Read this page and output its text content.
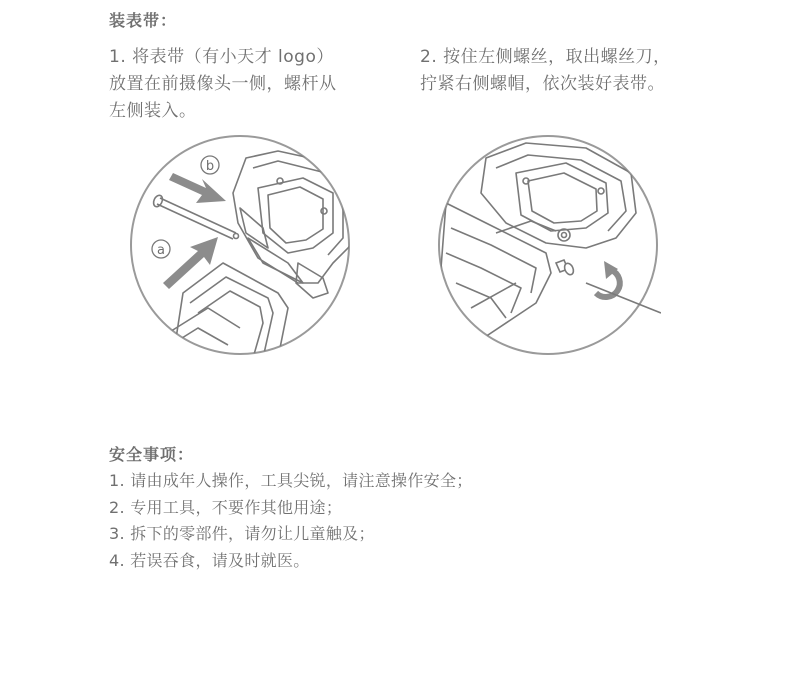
装表带：
1. 将表带（有小天才 logo）
放置在前摄像头一侧，螺杆从
左侧装入。
2. 按住左侧螺丝，取出螺丝刀，
拧紧右侧螺帽，依次装好表带。
b
a
安全事项：
1. 请由成年人操作，工具尖锐，请注意操作安全；
2. 专用工具，不要作其他用途；
3. 拆下的零部件，请勿让儿童触及；
4. 若误吞食，请及时就医。
